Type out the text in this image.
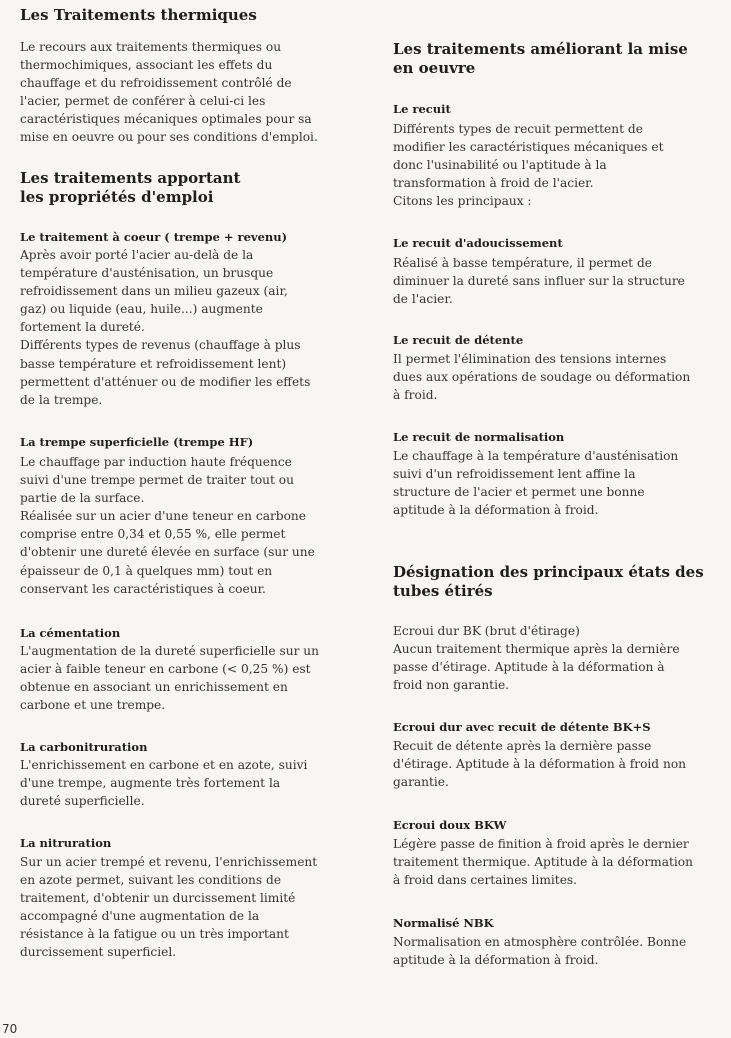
Les Traitements thermiques

Le recours aux traitements thermiques ou
thermochimiques, associant les effets du
chauffage et du refroidissement contrôlé de
l'acier, permet de conférer à celui-ci les
caractéristiques mécaniques optimales pour sa
mise en oeuvre ou pour ses conditions d'emploi.

Les traitements apportant
les propriétés d'emploi
Le traitement à coeur ( trempe + revenu)

Après avoir porté l'acier au-delà de la
température d'austénisation, un brusque
refroidissement dans un milieu gazeux (air,
gaz) ou liquide (eau, huile...) augmente
fortement la dureté.
Différents types de revenus (chauffage à plus
basse température et refroidissement lent)
permettent d'atténuer ou de modifier les effets
de la trempe.

La trempe superficielle (trempe HF)

Le chauffage par induction haute fréquence
suivi d'une trempe permet de traiter tout ou
partie de la surface.
Réalisée sur un acier d'une teneur en carbone
comprise entre 0,34 et 0,55 %, elle permet
d'obtenir une dureté élevée en surface (sur une
épaisseur de 0,1 à quelques mm) tout en
conservant les caractéristiques à coeur.

La cémentation

L'augmentation de la dureté superficielle sur un
acier à faible teneur en carbone (< 0,25 %) est
obtenue en associant un enrichissement en
carbone et une trempe.

La carbonitruration

L'enrichissement en carbone et en azote, suivi
d'une trempe, augmente très fortement la
dureté superficielle.

La nitruration

Sur un acier trempé et revenu, l'enrichissement
en azote permet, suivant les conditions de
traitement, d'obtenir un durcissement limité
accompagné d'une augmentation de la
résistance à la fatigue ou un très important
durcissement superficiel.

Les traitements améliorant la mise
en oeuvre
Le recuit

Différents types de recuit permettent de
modifier les caractéristiques mécaniques et
donc l'usinabilité ou l'aptitude à la
transformation à froid de l'acier.
Citons les principaux :

Le recuit d'adoucissement

Réalisé à basse température, il permet de
diminuer la dureté sans influer sur la structure
de l'acier.

Le recuit de détente

Il permet l'élimination des tensions internes
dues aux opérations de soudage ou déformation
à froid.

Le recuit de normalisation

Le chauffage à la température d'austénisation
suivi d'un refroidissement lent affine la
structure de l'acier et permet une bonne
aptitude à la déformation à froid.

Désignation des principaux états des
tubes étirés

Ecroui dur BK (brut d'étirage)
Aucun traitement thermique après la dernière
passe d'étirage. Aptitude à la déformation à
froid non garantie.

Ecroui dur avec recuit de détente BK+S

Recuit de détente après la dernière passe
d'étirage. Aptitude à la déformation à froid non
garantie.

Ecroui doux BKW

Légère passe de finition à froid après le dernier
traitement thermique. Aptitude à la déformation
à froid dans certaines limites.

Normalisé NBK

Normalisation en atmosphère contrôlée. Bonne
aptitude à la déformation à froid.

70
